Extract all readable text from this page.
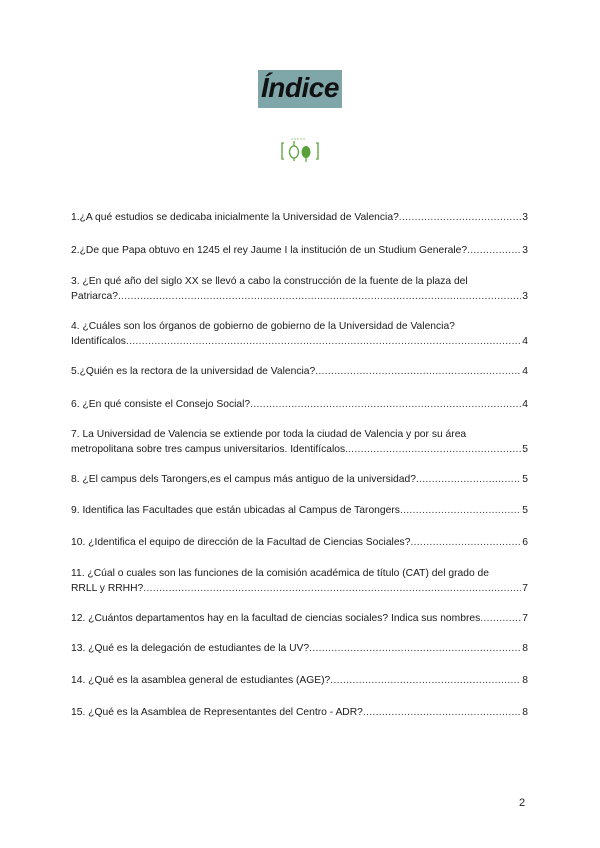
Índice
1.¿A qué estudios se dedicaba inicialmente la Universidad de Valencia? .....	3
2.¿De que Papa obtuvo en 1245 el rey Jaume I la institución de un Studium Generale? .....	3
3. ¿En qué año del siglo XX se llevó a cabo la construcción de la fuente de la plaza del
Patriarca? .....	3
4. ¿Cuáles son los órganos de gobierno de gobierno de la Universidad de Valencia?
Identifícalos .....	4
5.¿Quién es la rectora de la universidad de Valencia? .....	4
6. ¿En qué consiste el Consejo Social? .....	4
7. La Universidad de Valencia se extiende por toda la ciudad de Valencia y por su área
metropolitana sobre tres campus universitarios. Identifícalos. .....	5
8. ¿El campus dels Tarongers,es el campus más antiguo de la universidad? .....	5
9. Identifica las Facultades que están ubicadas al Campus de Tarongers .....	5
10. ¿Identifica el equipo de dirección de la Facultad de Ciencias Sociales? .....	6
11. ¿Cúal o cuales son las funciones de la comisión académica de título (CAT) del grado de
RRLL y RRHH? .....	7
12. ¿Cuántos departamentos hay en la facultad de ciencias sociales? Indica sus nombres .....	7
13. ¿Qué es la delegación de estudiantes de la UV? .....	8
14. ¿Qué es la asamblea general de estudiantes (AGE)? .....	8
15. ¿Qué es la Asamblea de Representantes del Centro - ADR? .....	8
2
